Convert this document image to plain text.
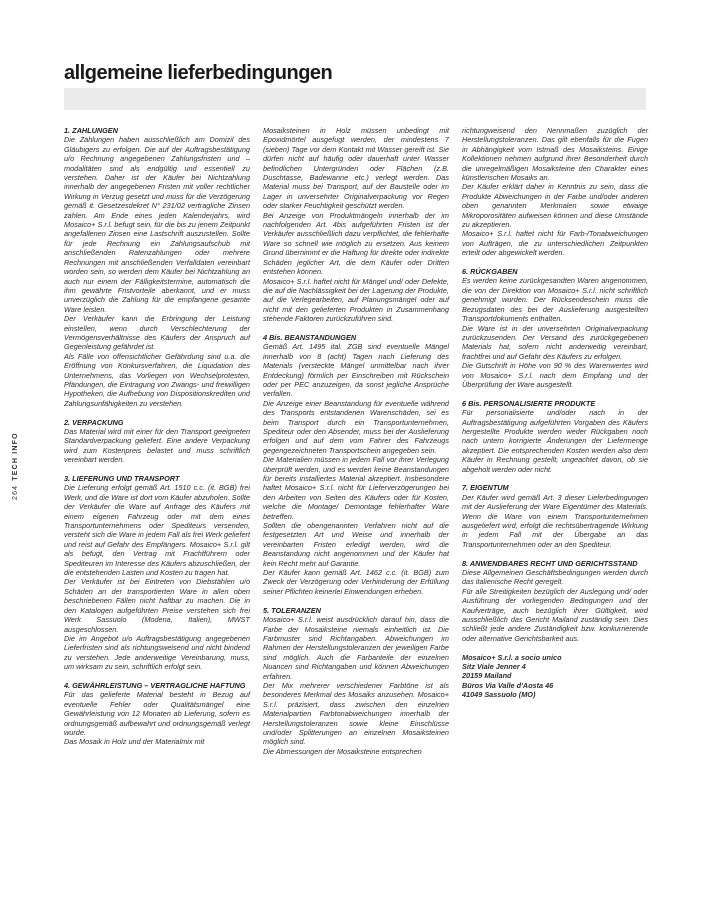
allgemeine lieferbedingungen
264TECH INFO
1. ZAHLUNGEN

Die Zahlungen haben ausschließlich am Domizil des Gläubigers zu erfolgen. Die auf der Auftragsbestätigung u/o Rechnung angegebenen Zahlungsfristen und –modalitäten sind als endgültig und essentiell zu verstehen. Daher ist der Käufer bei Nichtzahlung innerhalb der angegebenen Fristen mit voller rechtlicher Wirkung in Verzug gesetzt und muss für die Verzögerung gemäß it. Gesetzesdekret N° 231/02 vertragliche Zinsen zahlen. Am Ende eines jeden Kalenderjahrs, wird Mosaico+ S.r.l. befugt sein, für die bis zu jenem Zeitpunkt angefallenen Zinsen eine Lastschrift auszustellen. Sollte für jede Rechnung ein Zahlungsaufschub mit anschließenden Ratenzahlungen oder mehrere Rechnungen mit anschließenden Verfalldaten vereinbart worden sein, so werden dem Käufer bei Nichtzahlung an auch nur einem der Fälligkeitstermine, automatisch die ihm gewährte Fristvorteile aberkannt, und er muss unverzüglich die Zahlung für die empfangene gesamte Ware leisten.

Der Verkäufer kann die Erbringung der Leistung einstellen, wenn durch Verschlechterung der Vermögensverhältnisse des Käufers der Anspruch auf Gegenleistung gefährdet ist.

Als Fälle von offensichtlicher Gefährdung sind u.a. die Eröffnung von Konkursverfahren, die Liquidation des Unternehmens, das Vorliegen von Wechselprotesten, Pfändungen, die Eintragung von Zwangs- und freiwilligen Hypotheken, die Aufhebung von Dispositionskrediten und Zahlungsunfähigkeiten zu verstehen.

2. VERPACKUNG

Das Material wird mit einer für den Transport geeigneten Standardverpackung geliefert. Eine andere Verpackung wird zum Kostenpreis belastet und muss schriftlich vereinbart werden.

3. LIEFERUNG UND TRANSPORT

Die Lieferung erfolgt gemäß Art. 1510 c.c. (it. BGB) frei Werk, und die Ware ist dort vom Käufer abzuholen. Sollte der Verkäufer die Ware auf Anfrage des Käufers mit einem eigenen Fahrzeug oder mit dem eines Transportunternehmens oder Spediteurs versenden, versteht sich die Ware in jedem Fall als frei Werk geliefert und reist auf Gefahr des Empfängers. Mosaico+ S.r.l. gilt als befugt, den Vertrag mit Frachtführern oder Spediteuren im Interesse des Käufers abzuschließen, der die entstehenden Lasten und Kosten zu tragen hat.

Der Verkäufer ist bei Eintreten von Diebstählen u/o Schäden an der transportierten Ware in allen oben beschriebenen Fällen nicht haftbar zu machen. Die in den Katalogen aufgeführten Preise verstehen sich frei Werk Sassuolo (Modena, Italien), MWST ausgeschlossen.

Die im Angebot u/o Auftragsbestätigung angegebenen Lieferfristen sind als richtungsweisend und nicht bindend zu verstehen. Jede anderweitige Vereinbarung, muss, um wirksam zu sein, schriftlich erfolgt sein.

4. GEWÄHRLEISTUNG – VERTRAGLICHE HAFTUNG

Für das gelieferte Material besteht in Bezug auf eventuelle Fehler oder Qualitätsmängel eine Gewährleistung von 12 Monaten ab Lieferung, sofern es ordnungsgemäß aufbewahrt und ordnungsgemäß verlegt wurde.

Das Mosaik in Holz und der Materialmix mit

Mosaiksteinen in Holz müssen unbedingt mit Epoxidmörtel ausgefugt werden, der mindestens 7 (sieben) Tage vor dem Kontakt mit Wasser gereift ist. Sie dürfen nicht auf häufig oder dauerhaft unter Wasser befindlichen Untergründen oder Flächen (z.B. Duschtasse, Badewanne etc.) verlegt werden. Das Material muss bei Transport, auf der Baustelle oder im Lager in unversehrter Originalverpackung vor Regen oder starker Feuchtigkeit geschützt werden.

Bei Anzeige von Produktmängeln innerhalb der im nachfolgenden Art. 4bis aufgeführten Fristen ist der Verkäufer ausschließlich dazu verpflichtet, die fehlerhafte Ware so schnell wie möglich zu ersetzen. Aus keinem Grund übernimmt er die Haftung für direkte oder indirekte Schäden jeglicher Art, die dem Käufer oder Dritten entstehen können.

Mosaico+ S.r.l. haftet nicht für Mängel und/ oder Defekte, die auf die Nachlässigkeit bei der Lagerung der Produkte, auf die Verlegearbeiten, auf Planungsmängel oder auf nicht mit den gelieferten Produkten in Zusammenhang stehende Faktoren zurückzuführen sind.

4 Bis. BEANSTANDUNGEN

Gemäß Art. 1495 ital. ZGB sind eventuelle Mängel innerhalb von 8 (acht) Tagen nach Lieferung des Materials (versteckte Mängel unmittelbar nach ihrer Entdeckung) förmlich per Einschreiben mit Rückschein oder per PEC anzuzeigen, da sonst jegliche Ansprüche verfallen.

Die Anzeige einer Beanstandung für eventuelle während des Transports entstandenen Warenschäden, sei es beim Transport durch ein Transportunternehmen, Spediteur oder den Absender, muss bei der Auslieferung erfolgen und auf dem vom Fahrer des Fahrzeugs gegengezeichneten Transportschein angegeben sein.

Die Materialien müssen in jedem Fall vor ihrer Verlegung überprüft werden, und es werden keine Beanstandungen für bereits installiertes Material akzeptiert. Insbesondere haftet Mosaico+ S.r.l. nicht für Lieferverzögerungen bei den Arbeiten von Seiten des Käufers oder für Kosten, welche die Montage/ Demontage fehlerhafter Ware betreffen.

Sollten die obengenannten Verfahren nicht auf die festgesetzten Art und Weise und innerhalb der vereinbarten Fristen erledigt werden, wird die Beanstandung nicht angenommen und der Käufer hat kein Recht mehr auf Garantie.

Der Käufer kann gemäß Art. 1462 c.c. (it. BGB) zum Zweck der Verzögerung oder Verhinderung der Erfüllung seiner Pflichten keinerlei Einwendungen erheben.

5. TOLERANZEN

Mosaico+ S.r.l. weist ausdrücklich darauf hin, dass die Farbe der Mosaiksteine niemals einheitlich ist. Die Farbmuster sind Richtangaben. Abweichungen im Rahmen der Herstellungstoleranzen der jeweiligen Farbe sind möglich. Auch die Farbanteile der einzelnen Nuancen sind Richtangaben und können Abweichungen erfahren.

Der Mix mehrerer verschiedener Farbtöne ist als besonderes Merkmal des Mosaiks anzusehen. Mosaico+ S.r.l. präzisiert, dass zwischen den einzelnen Materialpartien Farbtonabweichungen innerhalb der Herstellungstoleranzen sowie kleine Einschlüsse und/oder Splitterungen an einzelnen Mosaiksteinen möglich sind.

Die Abmessungen der Mosaiksteine entsprechen

richtungweisend den Nennmaßen zuzüglich der Herstellungstoleranzen. Das gilt ebenfalls für die Fugen in Abhängigkeit vom Istmaß des Mosaiksteins. Einige Kollektionen nehmen aufgrund ihrer Besonderheit durch die unregelmäßigen Mosaiksteine den Charakter eines künstlerischen Mosaiks an.

Der Käufer erklärt daher in Kenntnis zu sein, dass die Produkte Abweichungen in der Farbe und/oder anderen oben genannten Merkmalen sowie etwaige Mikroporositäten aufweisen können und diese Umstände zu akzeptieren.

Mosaico+ S.r.l. haftet nicht für Farb-/Tonabweichungen von Aufträgen, die zu unterschiedlichen Zeitpunkten erteilt oder abgewickelt werden.

6. RÜCKGABEN

Es werden keine zurückgesandten Waren angenommen, die von der Direktion von Mosaico+ S.r.l. nicht schriftlich genehmigt wurden. Der Rücksendeschein muss die Bezugsdaten des bei der Auslieferung ausgestellten Transportdokuments enthalten.

Die Ware ist in der unversehrten Originalverpackung zurückzusenden. Der Versand des zurückgegebenen Materials hat, sofern nicht anderweitig vereinbart, frachtfrei und auf Gefahr des Käufers zu erfolgen.

Die Gutschrift in Höhe von 90 % des Warenwertes wird von Mosaico+ S.r.l. nach dem Empfang und der Überprüfung der Ware ausgestellt.

6 Bis. PERSONALISIERTE PRODUKTE

Für personalisierte und/oder nach in der Auftragsbestätigung aufgeführten Vorgaben des Käufers hergestellte Produkte werden weder Rückgaben noch nach untern korrigierte Änderungen der Liefermenge akzeptiert. Die entsprechenden Kosten werden also dem Käufer in Rechnung gestellt, ungeachtet davon, ob sie abgeholt werden oder nicht.

7. EIGENTUM

Der Käufer wird gemäß Art. 3 dieser Lieferbedingungen mit der Auslieferung der Ware Eigentümer des Materials. Wenn die Ware von einem Transportunternehmen ausgeliefert wird, erfolgt die rechtsübertragende Wirkung in jedem Fall mit der Übergabe an das Transportunternehmen oder an den Spediteur.

8. ANWENDBARES RECHT UND GERICHTSSTAND

Diese Allgemeinen Geschäftsbedingungen werden durch das italienische Recht geregelt.

Für alle Streitigkeiten bezüglich der Auslegung und/ oder Ausführung der vorliegenden Bedingungen und der Kaufverträge, auch bezüglich ihrer Gültigkeit, wird ausschließlich das Gericht Mailand zuständig sein. Dies schließt jede andere Zuständigkeit bzw. konkurrierende oder alternative Gerichtsbarkeit aus.

Mosaico+ S.r.l. a socio unico

Sitz Viale Jenner 4

20159 Mailand

Büros Via Valle d'Aosta 46

41049 Sassuolo (MO)
